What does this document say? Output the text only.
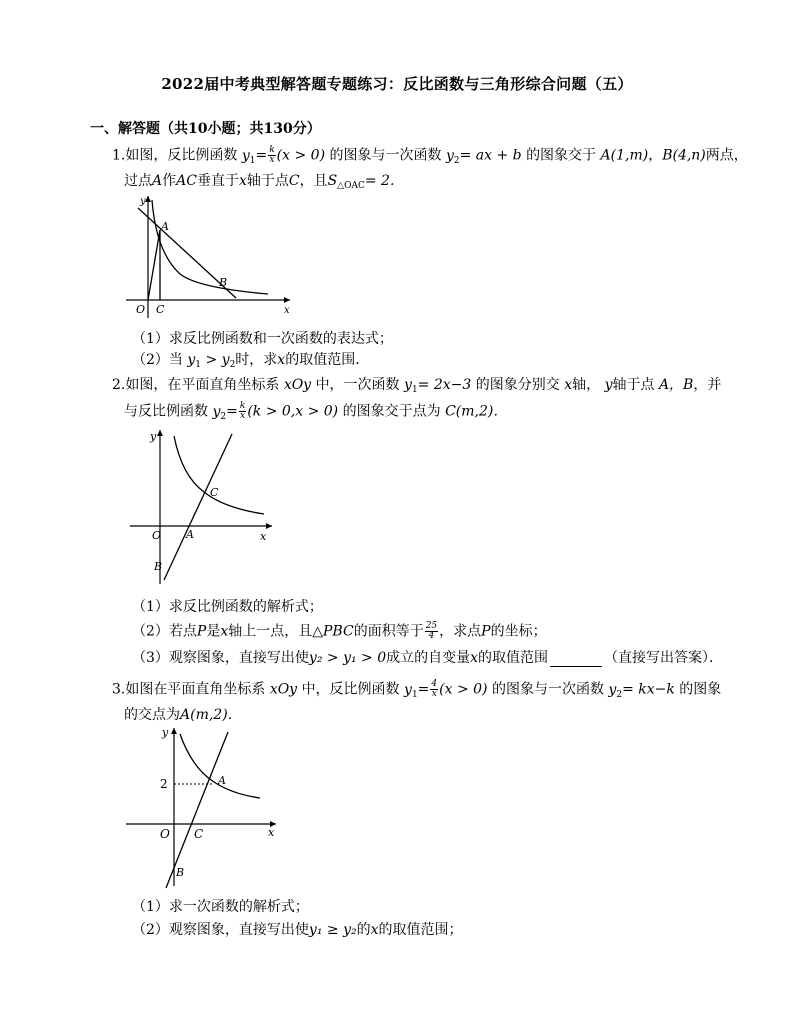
2022届中考典型解答题专题练习：反比函数与三角形综合问题（五）
一、解答题（共10小题；共130分）
1.如图，反比例函数 $y_1= \frac{k}{x} (x > 0)$ 的图象与一次函数 $y_2=$ ax + b 的图象交于 A(1,m)，B(4,n)两点，
过点A作AC垂直于x轴于点C，且$S_{\triangle OAC}= 2$.
y
A
B
O C	x
（1）求反比例函数和一次函数的表达式；
（2）当 $y_1 > y_2$时，求x的取值范围．
2.如图，在平面直角坐标系 xOy 中，一次函数 $y_1= 2x-3$ 的图象分别交 x轴， y轴于点 A，B，并
与反比例函数 $y_2= \frac{k}{x} (k > 0,x > 0)$ 的图象交于点为 C(m,2)．
y
C
O A	x
B
（1）求反比例函数的解析式；
（2）若点P是x轴上一点，且△PBC的面积等于 $\frac{25}{4}$ ，求点P的坐标；
（3）观察图象，直接写出使y₂ > y₁ > 0成立的自变量x的取值范围	（直接写出答案）．
3.如图在平面直角坐标系 xOy 中，反比例函数 $y_1= \frac{4}{x} (x > 0)$ 的图象与一次函数 $y_2= kx-k$ 的图象
的交点为A(m,2)．
y
2	A
O C	x
B
（1）求一次函数的解析式；
（2）观察图象，直接写出使y₁ ≥ y₂的x的取值范围；
